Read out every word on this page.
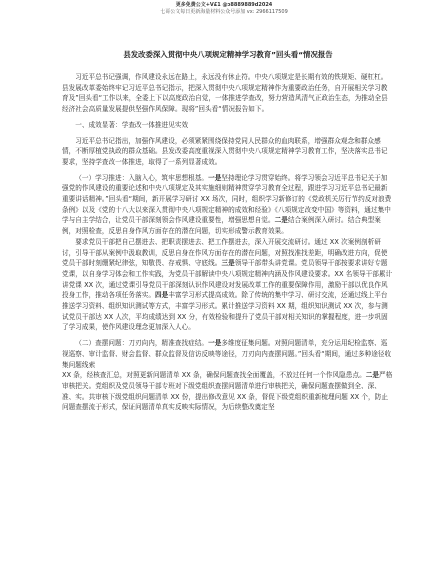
更多免费公文+V£1 @ɔ8889889d2024
七哥公文每日更新海量材料公众号添加 vx: 2966117509
县发改委深入贯彻中央八项规定精神学习教育”回头看“情况报告

习近平总书记强调，作风建设永远在路上，永远没有休止符。中央八项规定是长期有效的铁规矩、硬杠杠。县发展改革委始终牢记习近平总书记指示，把深入贯彻中央八项规定精神作为重要政治任务，自开展相关学习教育及”回头看“工作以来，全委上下以高度政治自觉，一体推进学查改，努力营造风清气正政治生态，为推动全县经济社会高质量发展提供坚强作风保障。现将”回头看“情况报告如下。

一、成效显著：学查改一体推进见实效

习近平总书记指出，加强作风建设，必须紧紧围绕保持党同人民群众的血肉联系，增强群众观念和群众感情，不断厚植党执政的群众基础。县发改委高度重视深入贯彻中央八项规定精神学习教育工作，坚决落实总书记要求，坚持学查改一体推进，取得了一系列显著成效。

（一）学习推进：入脑入心，筑牢思想根基。一是坚持理论学习贯穿始终。将学习领会习近平总书记关于加强党的作风建设的重要论述和中央八项规定及其实施细则精神贯穿学习教育全过程，跟进学习习近平总书记最新重要讲话精神。”回头看“期间，新开展学习研讨 XX 场次，同时，组织学习新修订的《党政机关厉行节约反对浪费条例》以及《党的十八大以来深入贯彻中央八项规定精神的成效和经验》《八项规定改变中国》等资料，通过集中学与自主学结合，让党员干部深刻领会作风建设重要性，增强思想自觉。二是结合案例深入研讨。结合典型案例，对照检查，反思自身作风方面存在的潜在问题，切实形成警示教育效果。

要求党员干部把自己摆进去、把职责摆进去、把工作摆进去，深入开展交流研讨。通过 XX 次案例剖析研讨，引导干部从案例中汲取教训，反思自身在作风方面存在的潜在问题，对照找准找差距，明确改进方向，促使党员干部时刻绷紧纪律弦，知敬畏、存戒惧、守底线。三是领导干部带头讲党课。党员领导干部按要求讲好专题党课，以自身学习体会和工作实践，为党员干部解读中央八项规定精神内涵及作风建设要求。XX 名领导干部累计讲党课 XX 次，通过党课引导党员干部深刻认识作风建设对发展改革工作的重要保障作用，激励干部以优良作风投身工作，推动各项任务落实。四是丰富学习形式提高成效。除了传统的集中学习、研讨交流，还通过线上平台推送学习资料、组织知识测试等方式，丰富学习形式。累计推送学习资料 XX 期，组织知识测试 XX 次，参与测试党员干部达 XX 人次，平均成绩达到 XX 分，有效检验和提升了党员干部对相关知识的掌握程度，进一步巩固了学习成果，使作风建设理念更加深入人心。

（二）查摆问题：刀刃向内，精准查找症结。一是多维度征集问题。对照问题清单，充分运用纪检监察、巡视巡察、审计监督、财会监督、群众监督及信访反映等途径，刀刃向内查摆问题。”回头看“期间，通过多种途径收集问题线索

XX 条，经核查汇总，对照更新问题清单 XX 条，确保问题查找全面覆盖，不放过任何一个作风隐患点。二是严格审核把关。党组织及党员领导干部专班对下级党组织查摆问题清单进行审核把关，确保问题查摆做到全、深、准、实。共审核下级党组织问题清单 XX 份，提出修改意见 XX 条，督促下级党组织重新梳理问题 XX 个，防止问题查摆流于形式，保证问题清单真实反映实际情况，为后续整改奠定坚
